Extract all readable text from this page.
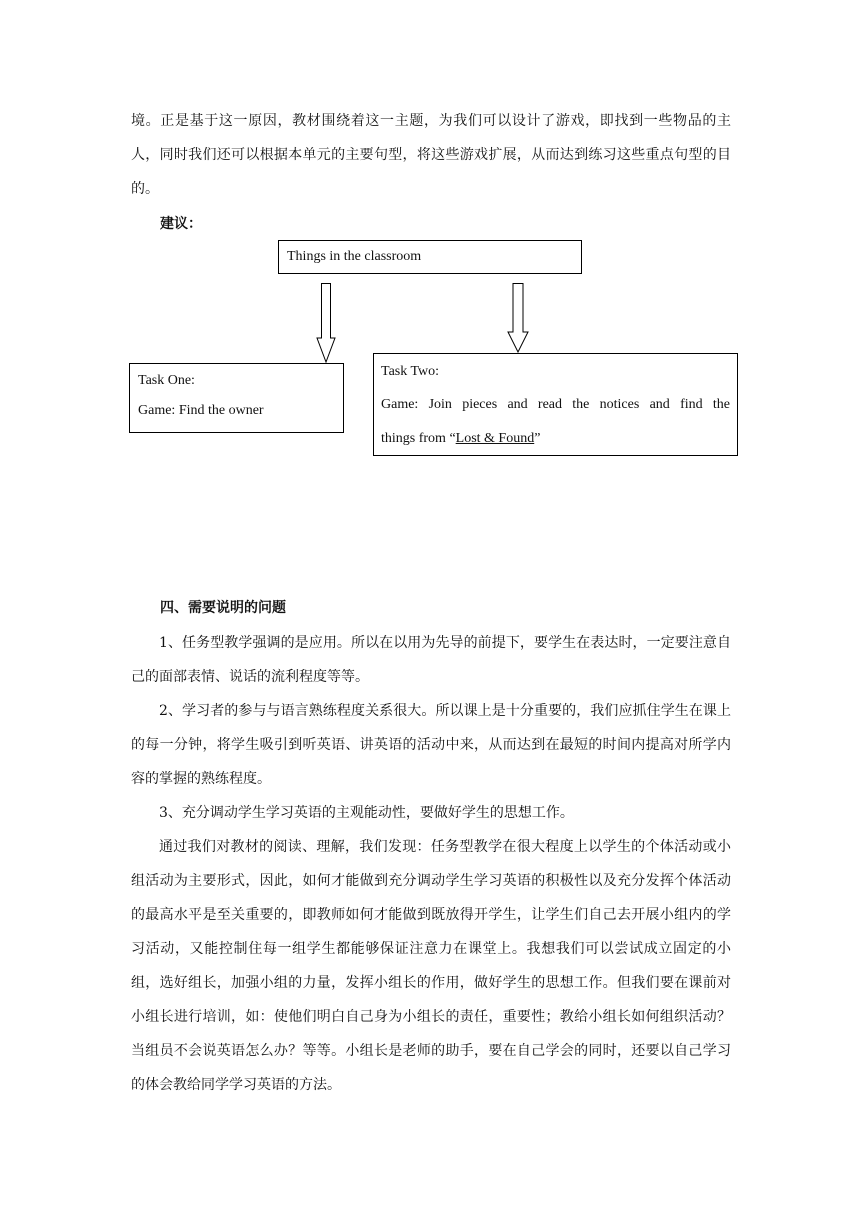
境。正是基于这一原因，教材围绕着这一主题，为我们可以设计了游戏，即找到一些物品的主人，同时我们还可以根据本单元的主要句型，将这些游戏扩展，从而达到练习这些重点句型的目的。

建议：

Things in the classroom
Task One:
Game: Find the owner
Task Two:
Game: Join pieces and read the notices and find the
things from “Lost & Found”

四、需要说明的问题

1、任务型教学强调的是应用。所以在以用为先导的前提下，要学生在表达时，一定要注意自己的面部表情、说话的流利程度等等。

2、学习者的参与与语言熟练程度关系很大。所以课上是十分重要的，我们应抓住学生在课上的每一分钟，将学生吸引到听英语、讲英语的活动中来，从而达到在最短的时间内提高对所学内容的掌握的熟练程度。

3、充分调动学生学习英语的主观能动性，要做好学生的思想工作。

通过我们对教材的阅读、理解，我们发现：任务型教学在很大程度上以学生的个体活动或小组活动为主要形式，因此，如何才能做到充分调动学生学习英语的积极性以及充分发挥个体活动的最高水平是至关重要的，即教师如何才能做到既放得开学生，让学生们自己去开展小组内的学习活动，又能控制住每一组学生都能够保证注意力在课堂上。我想我们可以尝试成立固定的小组，选好组长，加强小组的力量，发挥小组长的作用，做好学生的思想工作。但我们要在课前对小组长进行培训，如：使他们明白自己身为小组长的责任，重要性；教给小组长如何组织活动？当组员不会说英语怎么办？等等。小组长是老师的助手，要在自己学会的同时，还要以自己学习的体会教给同学学习英语的方法。
